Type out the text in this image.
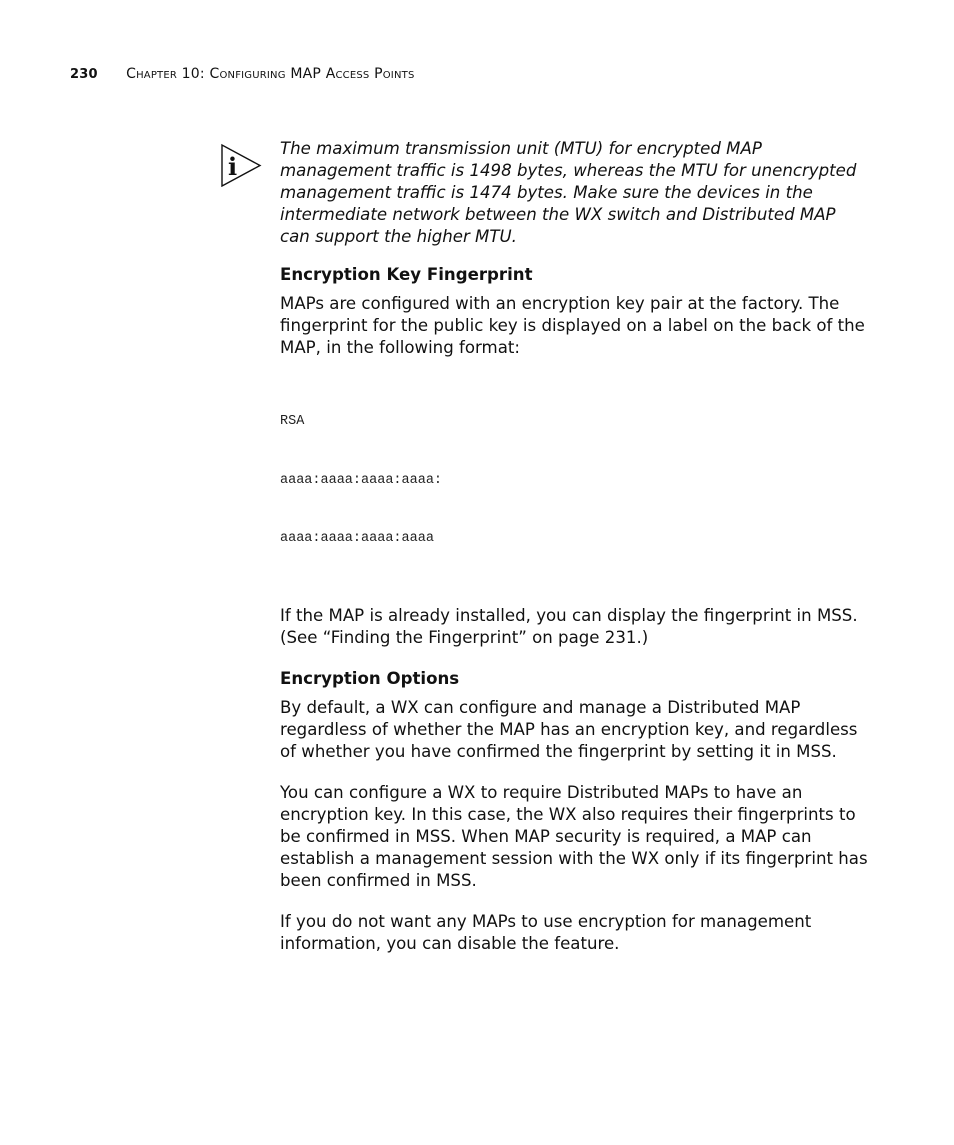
230 Chapter 10: Configuring MAP Access Points
i

The maximum transmission unit (MTU) for encrypted MAP management traffic is 1498 bytes, whereas the MTU for unencrypted management traffic is 1474 bytes. Make sure the devices in the intermediate network between the WX switch and Distributed MAP can support the higher MTU.

Encryption Key Fingerprint

MAPs are configured with an encryption key pair at the factory. The fingerprint for the public key is displayed on a label on the back of the MAP, in the following format:

RSA

aaaa:aaaa:aaaa:aaaa:

aaaa:aaaa:aaaa:aaaa

If the MAP is already installed, you can display the fingerprint in MSS. (See “Finding the Fingerprint” on page 231.)

Encryption Options

By default, a WX can configure and manage a Distributed MAP regardless of whether the MAP has an encryption key, and regardless of whether you have confirmed the fingerprint by setting it in MSS.

You can configure a WX to require Distributed MAPs to have an encryption key. In this case, the WX also requires their fingerprints to be confirmed in MSS. When MAP security is required, a MAP can establish a management session with the WX only if its fingerprint has been confirmed in MSS.

If you do not want any MAPs to use encryption for management information, you can disable the feature.
